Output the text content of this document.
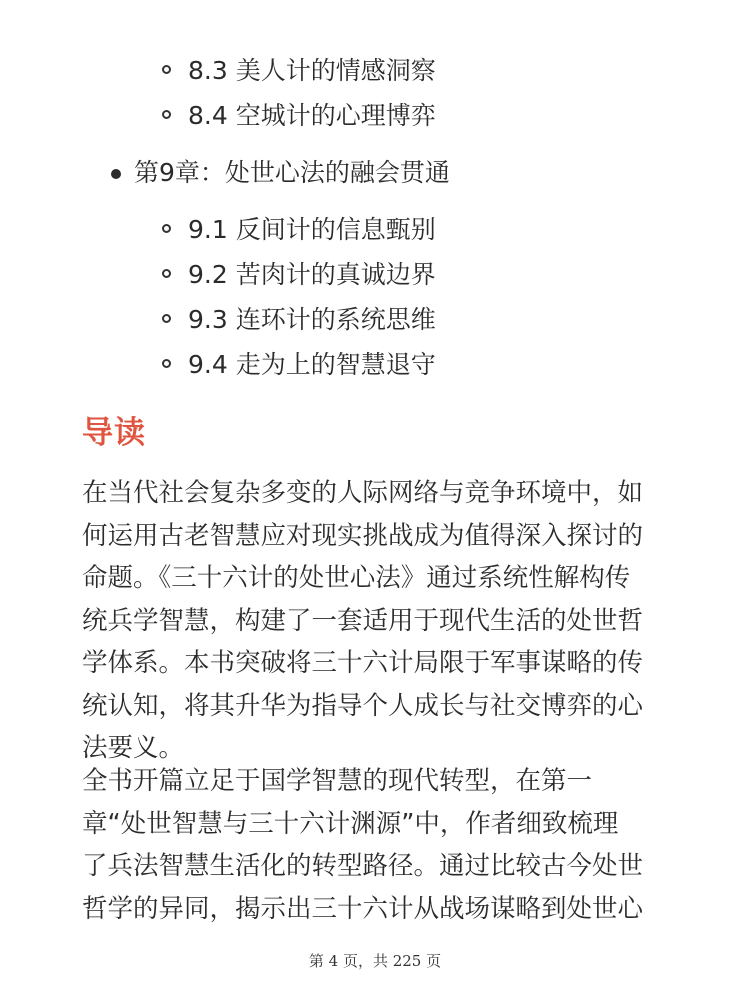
8.3 美人计的情感洞察
8.4 空城计的心理博弈
第9章：处世心法的融会贯通
9.1 反间计的信息甄别
9.2 苦肉计的真诚边界
9.3 连环计的系统思维
9.4 走为上的智慧退守
导读
在当代社会复杂多变的人际网络与竞争环境中，如
何运用古老智慧应对现实挑战成为值得深入探讨的
命题。《三十六计的处世心法》通过系统性解构传
统兵学智慧，构建了一套适用于现代生活的处世哲
学体系。本书突破将三十六计局限于军事谋略的传
统认知，将其升华为指导个人成长与社交博弈的心
法要义。
全书开篇立足于国学智慧的现代转型，在第一
章“处世智慧与三十六计渊源”中，作者细致梳理
了兵法智慧生活化的转型路径。通过比较古今处世
哲学的异同，揭示出三十六计从战场谋略到处世心
第 4 页，共 225 页
